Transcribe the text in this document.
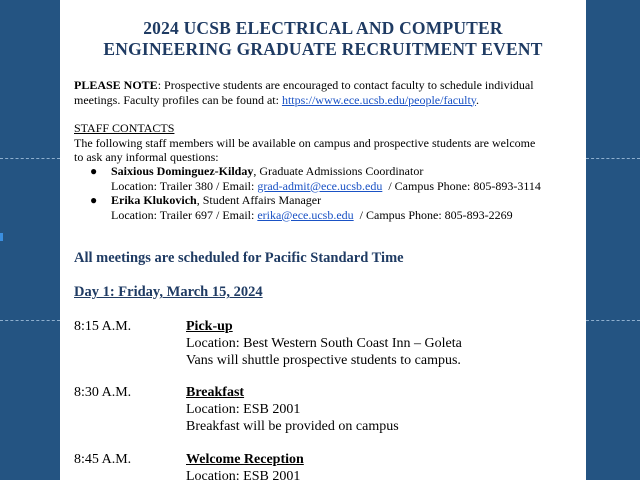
2024 UCSB ELECTRICAL AND COMPUTER
ENGINEERING GRADUATE RECRUITMENT EVENT
PLEASE NOTE: Prospective students are encouraged to contact faculty to schedule individual
meetings. Faculty profiles can be found at: https://www.ece.ucsb.edu/people/faculty.
STAFF CONTACTS
The following staff members will be available on campus and prospective students are welcome
to ask any informal questions:
● Saixious Dominguez-Kilday, Graduate Admissions Coordinator
Location: Trailer 380 / Email: grad-admit@ece.ucsb.edu  / Campus Phone: 805-893-3114
● Erika Klukovich, Student Affairs Manager
Location: Trailer 697 / Email: erika@ece.ucsb.edu  / Campus Phone: 805-893-2269
All meetings are scheduled for Pacific Standard Time
Day 1: Friday, March 15, 2024
8:15 A.M.	Pick-up
Location: Best Western South Coast Inn – Goleta
Vans will shuttle prospective students to campus.
8:30 A.M.	Breakfast
Location: ESB 2001
Breakfast will be provided on campus
8:45 A.M.	Welcome Reception
Location: ESB 2001
